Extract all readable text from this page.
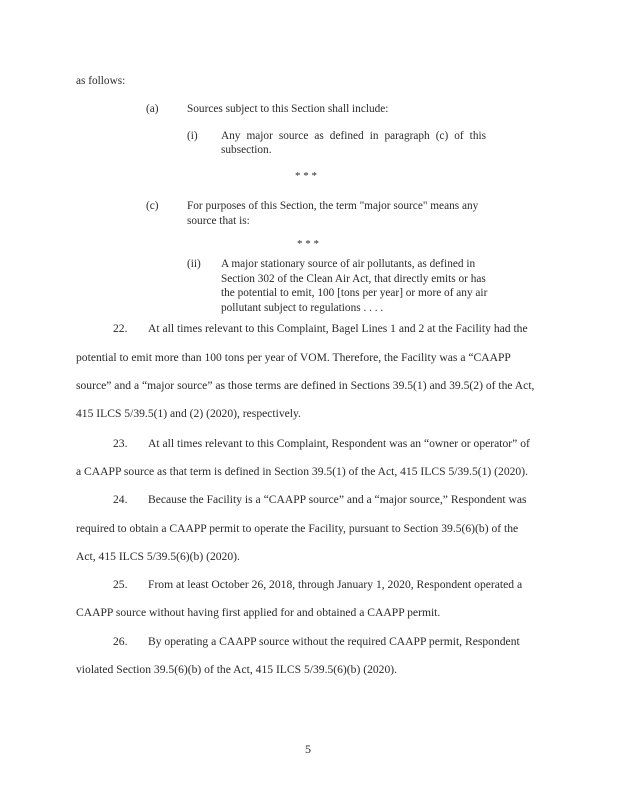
as follows:

(a)	Sources subject to this Section shall include:

(i) Any major source as defined in paragraph (c) of this

subsection.

* * *

(c)	For purposes of this Section, the term "major source" means any

source that is:

* * *

(ii) A major stationary source of air pollutants, as defined in

Section 302 of the Clean Air Act, that directly emits or has

the potential to emit, 100 [tons per year] or more of any air

pollutant subject to regulations . . . .

22. At all times relevant to this Complaint, Bagel Lines 1 and 2 at the Facility had the

potential to emit more than 100 tons per year of VOM. Therefore, the Facility was a “CAAPP

source” and a “major source” as those terms are defined in Sections 39.5(1) and 39.5(2) of the Act,

415 ILCS 5/39.5(1) and (2) (2020), respectively.

23. At all times relevant to this Complaint, Respondent was an “owner or operator” of

a CAAPP source as that term is defined in Section 39.5(1) of the Act, 415 ILCS 5/39.5(1) (2020).

24. Because the Facility is a “CAAPP source” and a “major source,” Respondent was

required to obtain a CAAPP permit to operate the Facility, pursuant to Section 39.5(6)(b) of the

Act, 415 ILCS 5/39.5(6)(b) (2020).

25. From at least October 26, 2018, through January 1, 2020, Respondent operated a

CAAPP source without having first applied for and obtained a CAAPP permit.

26. By operating a CAAPP source without the required CAAPP permit, Respondent

violated Section 39.5(6)(b) of the Act, 415 ILCS 5/39.5(6)(b) (2020).

5
